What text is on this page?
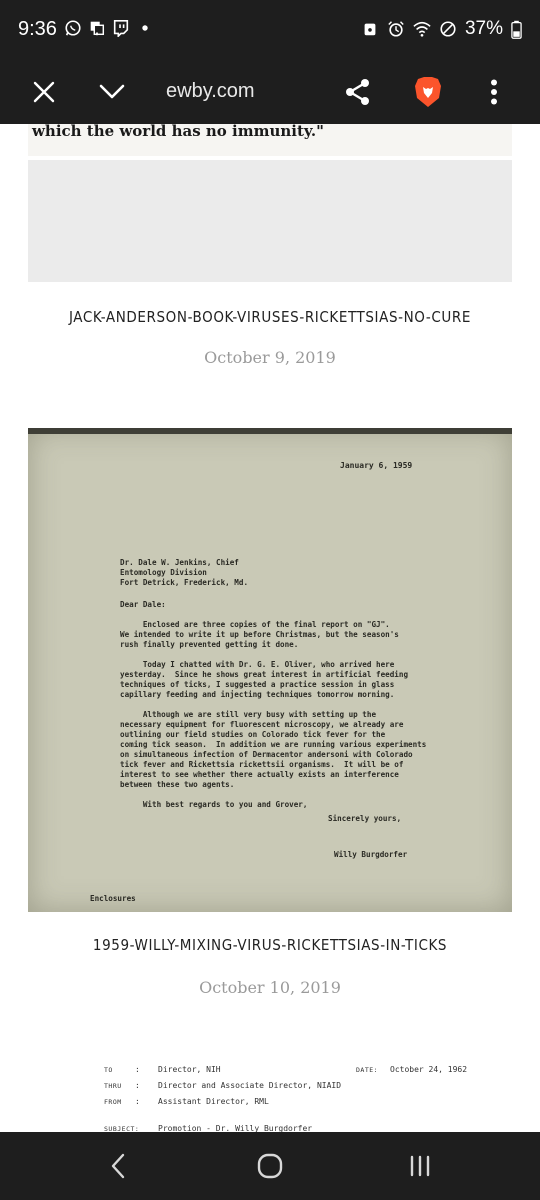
9:36	37%
ewby.com
which the world has no immunity."
JACK-ANDERSON-BOOK-VIRUSES-RICKETTSIAS-NO-CURE
October 9, 2019
January 6, 1959
Dr. Dale W. Jenkins, Chief
Entomology Division
Fort Detrick, Frederick, Md.
Dear Dale:
Enclosed are three copies of the final report on "GJ".
We intended to write it up before Christmas, but the season's
rush finally prevented getting it done.
Today I chatted with Dr. G. E. Oliver, who arrived here
yesterday.  Since he shows great interest in artificial feeding
techniques of ticks, I suggested a practice session in glass
capillary feeding and injecting techniques tomorrow morning.
Although we are still very busy with setting up the
necessary equipment for fluorescent microscopy, we already are
outlining our field studies on Colorado tick fever for the
coming tick season.  In addition we are running various experiments
on simultaneous infection of Dermacentor andersoni with Colorado
tick fever and Rickettsia rickettsii organisms.  It will be of
interest to see whether there actually exists an interference
between these two agents.
With best regards to you and Grover,
Sincerely yours,
Willy Burgdorfer
Enclosures
1959-WILLY-MIXING-VIRUS-RICKETTSIAS-IN-TICKS
October 10, 2019
TO	: Director, NIH	DATE: October 24, 1962
THRU : Director and Associate Director, NIAID
FROM : Assistant Director, RML
SUBJECT: Promotion - Dr. Willy Burgdorfer
